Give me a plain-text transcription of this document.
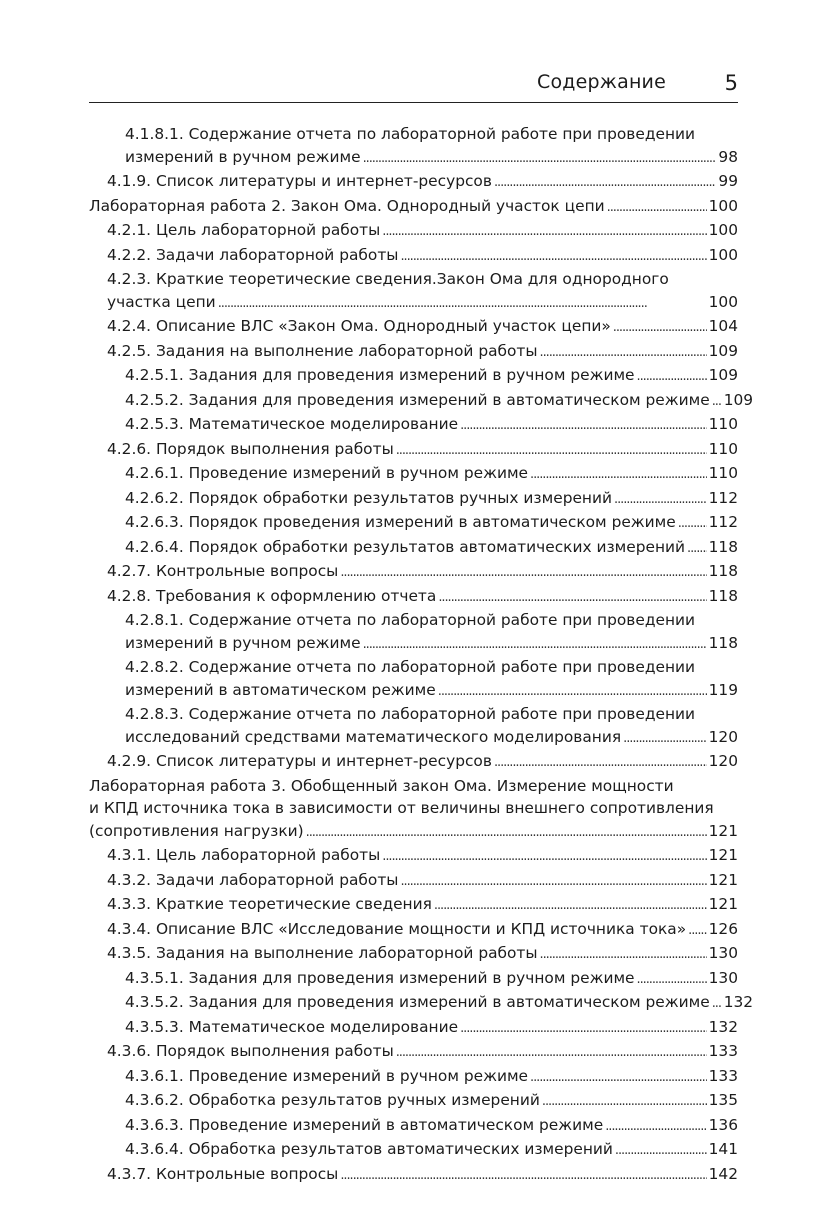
Содержание	5
4.1.8.1. Содержание отчета по лабораторной работе при проведении
измерений в ручном режиме . . .	98
4.1.9. Список литературы и интернет-ресурсов . . .	99
Лабораторная работа 2. Закон Ома. Однородный участок цепи . . .	100
4.2.1. Цель лабораторной работы . . .	100
4.2.2. Задачи лабораторной работы . . .	100
4.2.3. Краткие теоретические сведения.Закон Ома для однородного
участка цепи . . .	100
4.2.4. Описание ВЛС «Закон Ома. Однородный участок цепи» . . .	104
4.2.5. Задания на выполнение лабораторной работы . . .	109
4.2.5.1. Задания для проведения измерений в ручном режиме . . .	109
4.2.5.2. Задания для проведения измерений в автоматическом режиме . . . 109
4.2.5.3. Математическое моделирование . . .	110
4.2.6. Порядок выполнения работы . . .	110
4.2.6.1. Проведение измерений в ручном режиме . . .	110
4.2.6.2. Порядок обработки результатов ручных измерений . . .	112
4.2.6.3. Порядок проведения измерений в автоматическом режиме . . . 112
4.2.6.4. Порядок обработки результатов автоматических измерений . . . 118
4.2.7. Контрольные вопросы . . .	118
4.2.8. Требования к оформлению отчета . . .	118
4.2.8.1. Содержание отчета по лабораторной работе при проведении
измерений в ручном режиме . . .	118
4.2.8.2. Содержание отчета по лабораторной работе при проведении
измерений в автоматическом режиме . . .	119
4.2.8.3. Содержание отчета по лабораторной работе при проведении
исследований средствами математического моделирования . . .	120
4.2.9. Список литературы и интернет-ресурсов . . .	120
Лабораторная работа 3. Обобщенный закон Ома. Измерение мощности
и КПД источника тока в зависимости от величины внешнего сопротивления
(сопротивления нагрузки) . . .	121
4.3.1. Цель лабораторной работы . . .	121
4.3.2. Задачи лабораторной работы . . .	121
4.3.3. Краткие теоретические сведения . . .	121
4.3.4. Описание ВЛС «Исследование мощности и КПД источника тока» . . . 126
4.3.5. Задания на выполнение лабораторной работы . . .	130
4.3.5.1. Задания для проведения измерений в ручном режиме . . .	130
4.3.5.2. Задания для проведения измерений в автоматическом режиме . . . 132
4.3.5.3. Математическое моделирование . . .	132
4.3.6. Порядок выполнения работы . . .	133
4.3.6.1. Проведение измерений в ручном режиме . . .	133
4.3.6.2. Обработка результатов ручных измерений . . .	135
4.3.6.3. Проведение измерений в автоматическом режиме . . .	136
4.3.6.4. Обработка результатов автоматических измерений . . .	141
4.3.7. Контрольные вопросы . . .	142
